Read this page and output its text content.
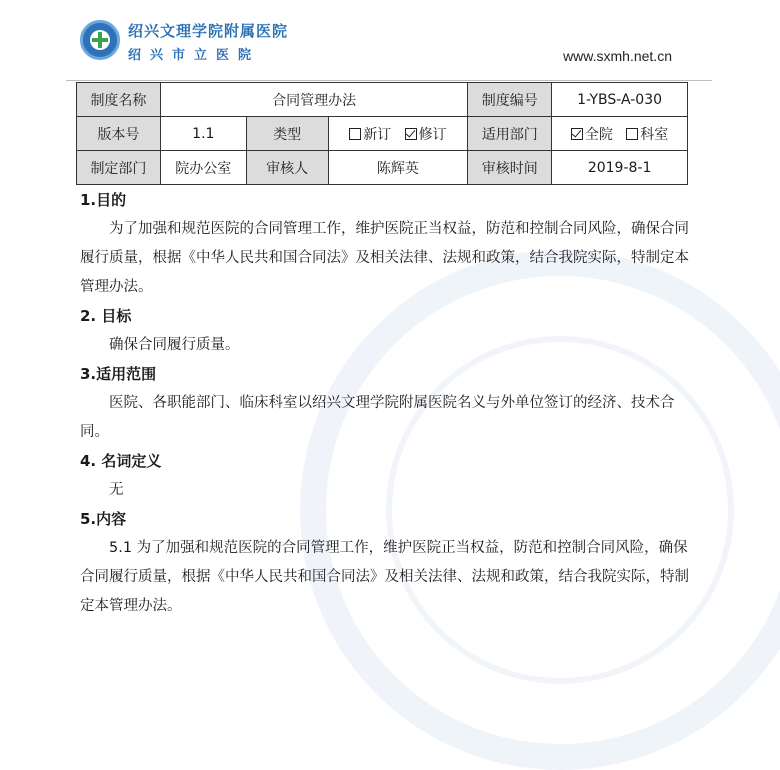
绍兴文理学院附属医院
绍兴市立医院	www.sxmh.net.cn
制度名称	合同管理办法			制度编号	1-YBS-A-030
版本号	1.1	类型	新订 修订	适用部门	全院 科室
制定部门	院办公室	审核人	陈辉英	审核时间	2019-8-1
1.目的

为了加强和规范医院的合同管理工作，维护医院正当权益，防范和控制合同风险，确保合同履行质量，根据《中华人民共和国合同法》及相关法律、法规和政策，结合我院实际，特制定本管理办法。

2. 目标

确保合同履行质量。

3.适用范围

医院、各职能部门、临床科室以绍兴文理学院附属医院名义与外单位签订的经济、技术合同。

4. 名词定义

无

5.内容

5.1 为了加强和规范医院的合同管理工作，维护医院正当权益，防范和控制合同风险，确保合同履行质量，根据《中华人民共和国合同法》及相关法律、法规和政策，结合我院实际，特制定本管理办法。
